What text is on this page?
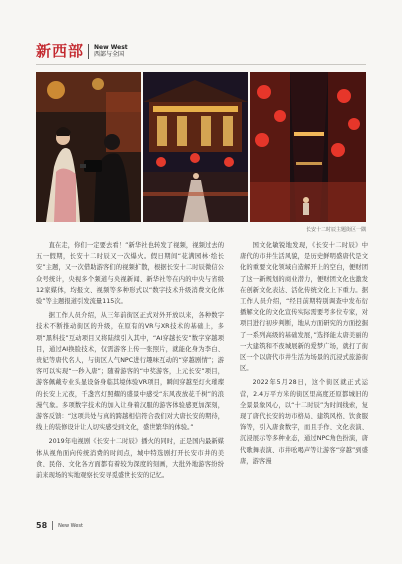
新西部 New West
西部与全国
长安十二时辰主题街区一隅

直在走，你们一定要去看！”新华社也转发了视频，视频过去的五一假期，长安十二时辰又一次爆火。假日期间“花满园林·绘长安”主题，又一次借助游客们的视频扩散，根据长安十二时辰微信公众号统计，央视多个频道与央视新闻、新华社等在内的中央与省级12家媒体，均报文、视频等多种形式以“数字技术升级消费文化体验”等主题报道引发流量115次。

据工作人员介绍，从三年前街区正式对外开放以来，各种数字技术不断推动街区的升级，在原有的VR与XR技术的基础上，多项“黑科技”互动项目又将陆续引入其中，“AI穿越长安”数字穿越项目，通过AI换脸技术，仅需游客上传一张照片，就能化身为李白、贵妃等唐代名人，与街区人气NPC进行趣味互动的“穿越剧情”；游客可以实现“一秒入唐”；随着游客的“中奖游客，上元长安”项目，游客佩戴专业头显设备身临其境体验VR项目，瞬间穿越至灯火璀璨的长安上元夜，千盏宫灯照耀的盛景中感受“东风夜放花千树”的浪漫气象。多项数字技术的加入让身着汉服的游客体验感更加深刻，游客反馈：“这项共处与真的跨越相信符合我们对大唐长安的期待，线上的装修设计让人切实感受到文化，盛世繁华的体验。”

2019年电视剧《长安十二时辰》播火的同时，正是国内最新媒体从视角面向传统消费的时间点，城中特选剧打开长安市井的美食、民俗、文化各方面都有着较为深度的刻画，大批外地游客纷纷前来现场的实地观察长安寻觅盛世长安的记忆。

国文化敏锐地发现，《长安十二时辰》中唐代的市井生活风貌，是历史鲜明盛唐代是文化的重要文化领域自造解开上的空白，便财团了这一新规划的商业潜力，便财团文化也激发在创新文化表达、活化传统文化上下重力。据工作人员介绍，“经目前期特别调查中发布衍播解文化的文化宣传实际需要考多位专家，对项目进行初步判断，地从方面研究的方面挖掘了一系列高级的基础发展，”选择能太唐美丽的一大建筑和不夜城展新的爱梦广场，就打了街区一个以唐代市井生活为场景的沉浸式旅游街区。

2022年5月28日，这个街区就正式运营，2.4万平方米的街区里高度还原都城旧的全景景象风心，以“十二时辰”为时间线索，复现了唐代长安的坊市格局、建筑风格、饮食服饰等，引入唐食数字，而且手作、文化表演、沉浸展示等多种业态，通过NPC角色扮演，唐代歌舞表演、市井吆喝声等让游客“穿越”到盛唐，游客漫

58 New West
